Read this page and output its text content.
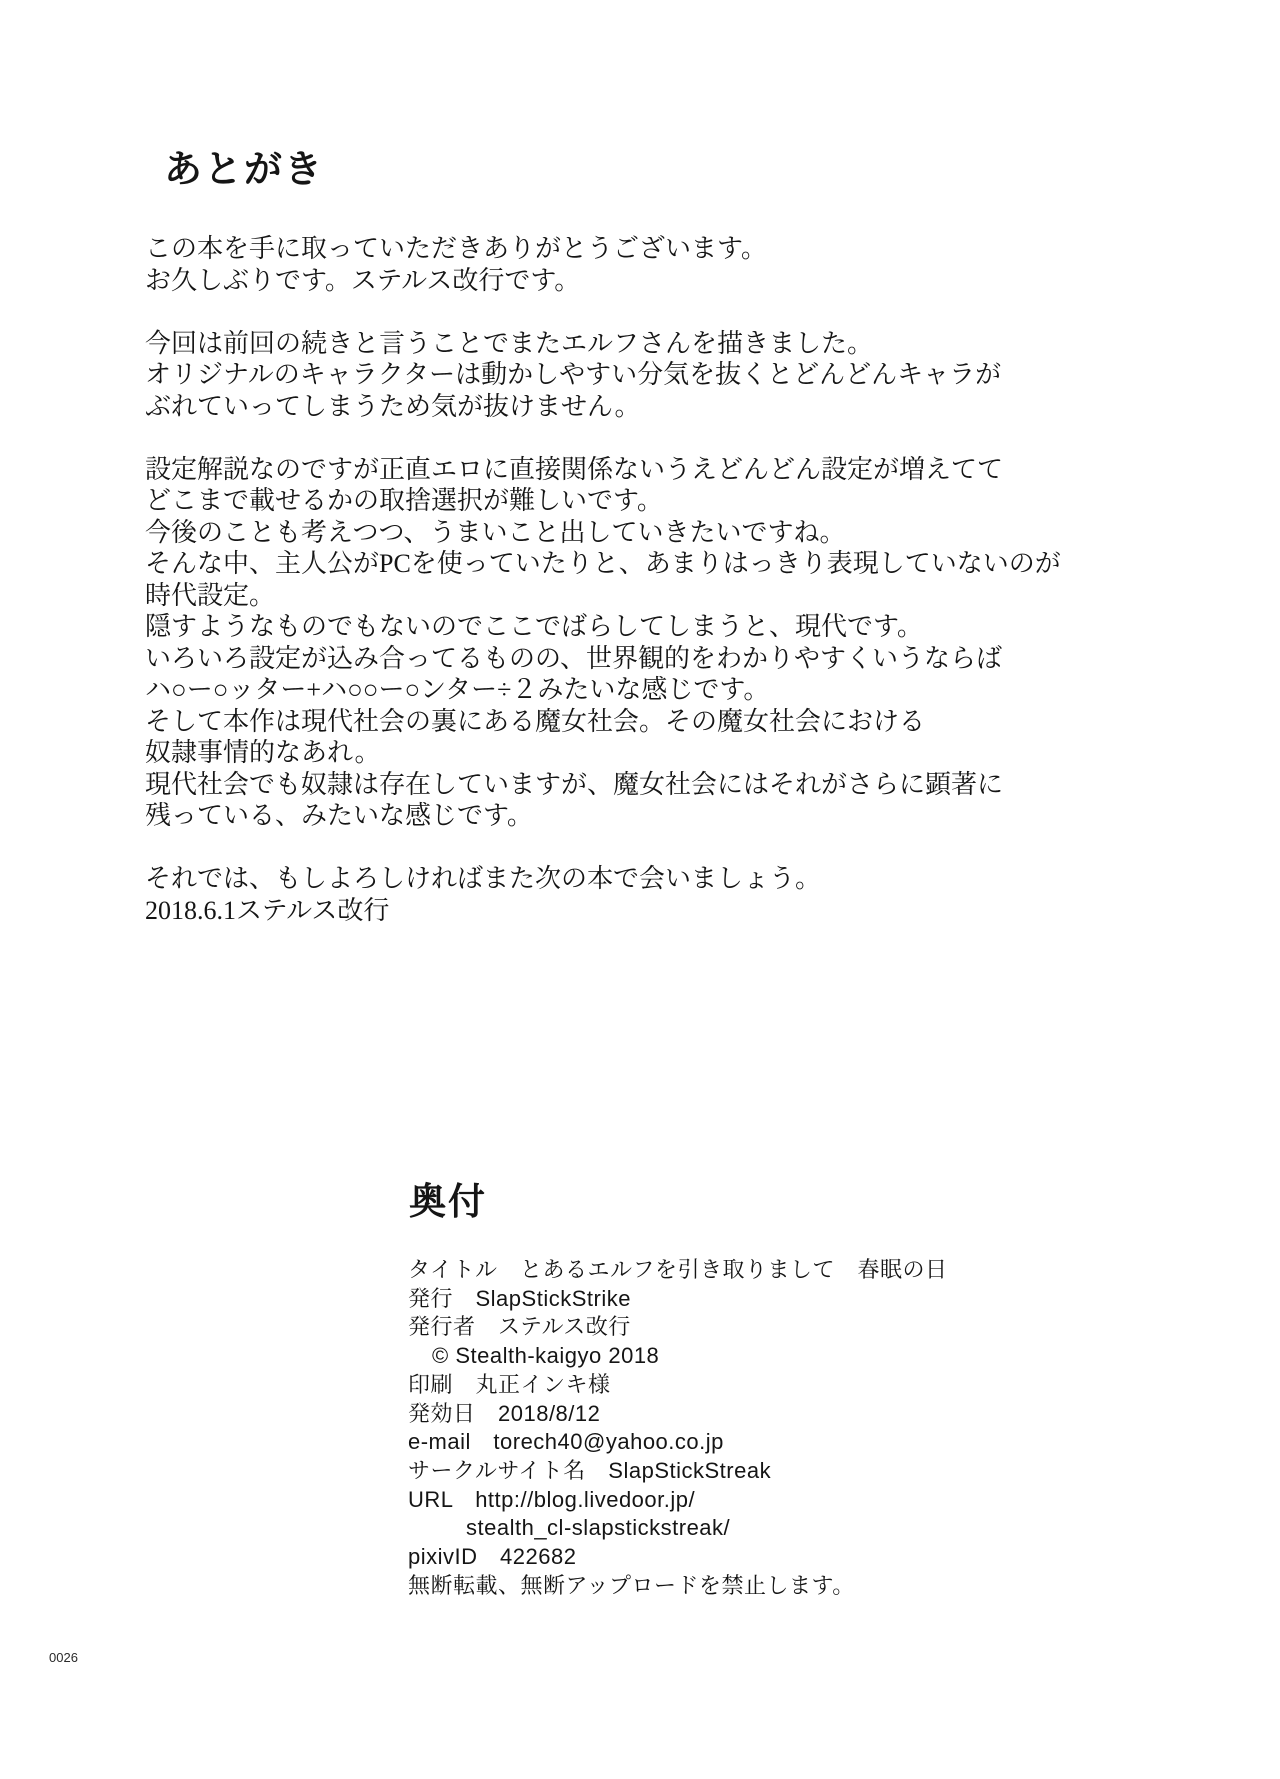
あとがき
この本を手に取っていただきありがとうございます。
お久しぶりです。ステルス改行です。
今回は前回の続きと言うことでまたエルフさんを描きました。
オリジナルのキャラクターは動かしやすい分気を抜くとどんどんキャラが
ぶれていってしまうため気が抜けません。
設定解説なのですが正直エロに直接関係ないうえどんどん設定が増えてて
どこまで載せるかの取捨選択が難しいです。
今後のことも考えつつ、うまいこと出していきたいですね。
そんな中、主人公がPCを使っていたりと、あまりはっきり表現していないのが
時代設定。
隠すようなものでもないのでここでばらしてしまうと、現代です。
いろいろ設定が込み合ってるものの、世界観的をわかりやすくいうならば
ハ○ー○ッター+ハ○○ー○ンター÷２みたいな感じです。
そして本作は現代社会の裏にある魔女社会。その魔女社会における
奴隷事情的なあれ。
現代社会でも奴隷は存在していますが、魔女社会にはそれがさらに顕著に
残っている、みたいな感じです。
それでは、もしよろしければまた次の本で会いましょう。
2018.6.1ステルス改行
奥付
タイトル　とあるエルフを引き取りまして　春眠の日
発行　SlapStickStrike
発行者　ステルス改行
© Stealth-kaigyo 2018
印刷　丸正インキ様
発効日　2018/8/12
e-mail　torech40@yahoo.co.jp
サークルサイト名　SlapStickStreak
URL　http://blog.livedoor.jp/
stealth_cl-slapstickstreak/
pixivID　422682
無断転載、無断アップロードを禁止します。
0026
